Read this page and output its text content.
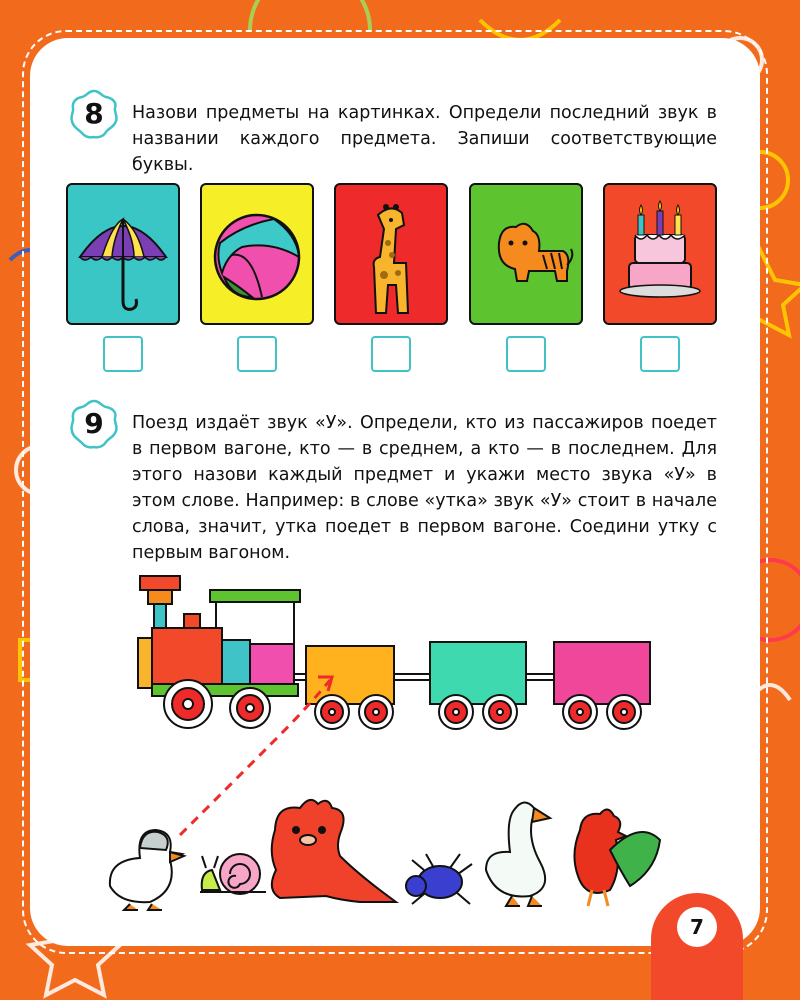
8	Назови предметы на картинках. Определи последний звук в названии каждого предмета. Запиши соответствующие буквы.
9	Поезд издаёт звук «У». Определи, кто из пассажиров поедет в первом вагоне, кто — в среднем, а кто — в последнем. Для этого назови каждый предмет и укажи место звука «У» в этом слове. Например: в слове «утка» звук «У» стоит в начале слова, значит, утка поедет в первом вагоне. Соедини утку с первым вагоном.
7
